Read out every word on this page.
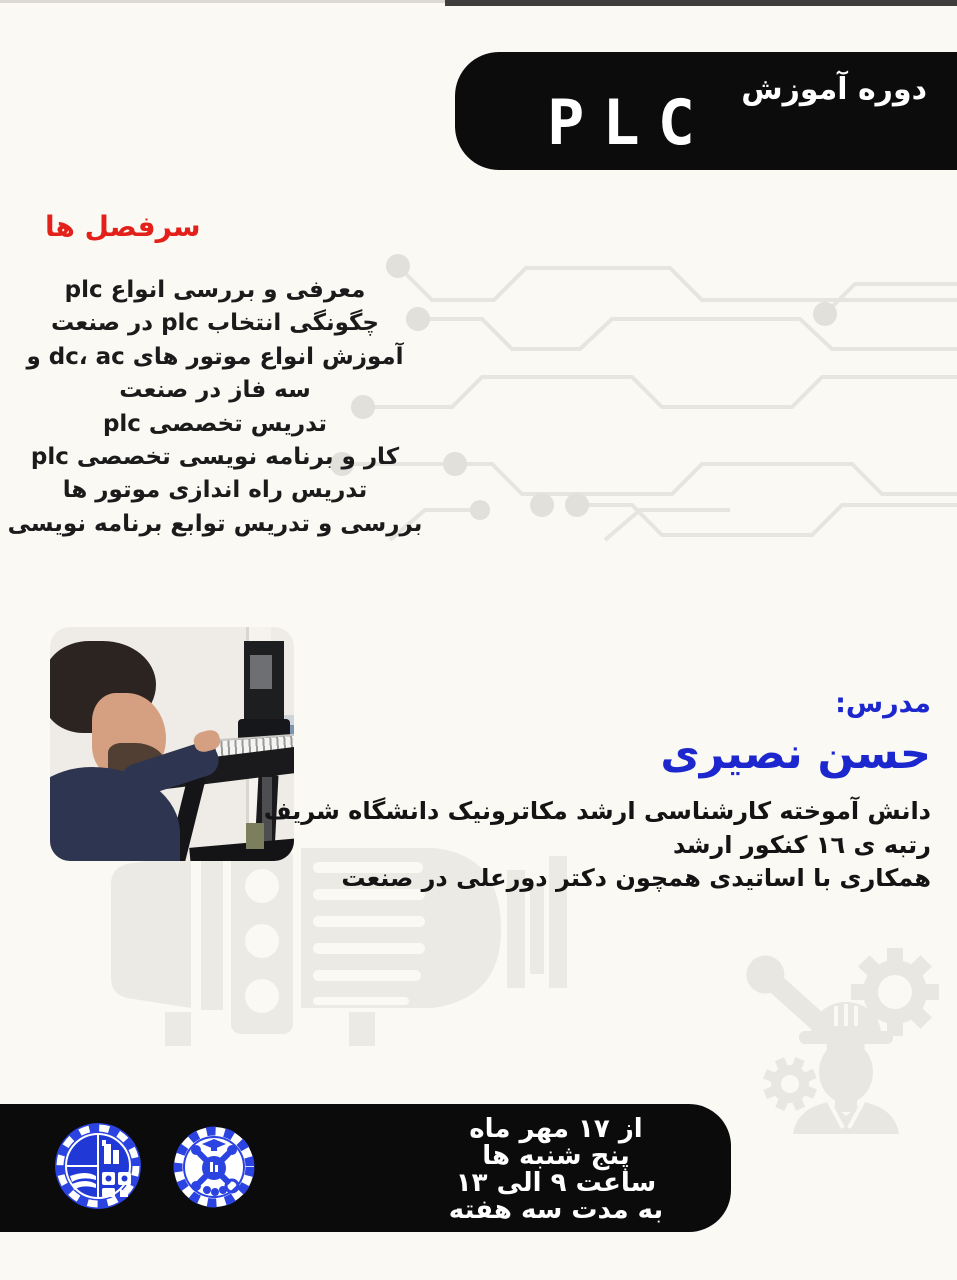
دوره آموزش
PLC
سرفصل ها
معرفی و بررسی انواع plc
چگونگی انتخاب plc در صنعت
آموزش انواع موتور های dc، ac و سه فاز در صنعت
تدریس تخصصی plc
کار و برنامه نویسی تخصصی plc
تدریس راه اندازی موتور ها
بررسی و تدریس توابع برنامه نویسی
مدرس:
حسن نصیری
دانش آموخته کارشناسی ارشد مکاترونیک دانشگاه شریف
رتبه ی ١٦ کنکور ارشد
همکاری با اساتیدی همچون دکتر دورعلی در صنعت
از ١٧ مهر ماه
پنج شنبه ها
ساعت ٩ الی ١٣
به مدت سه هفته
